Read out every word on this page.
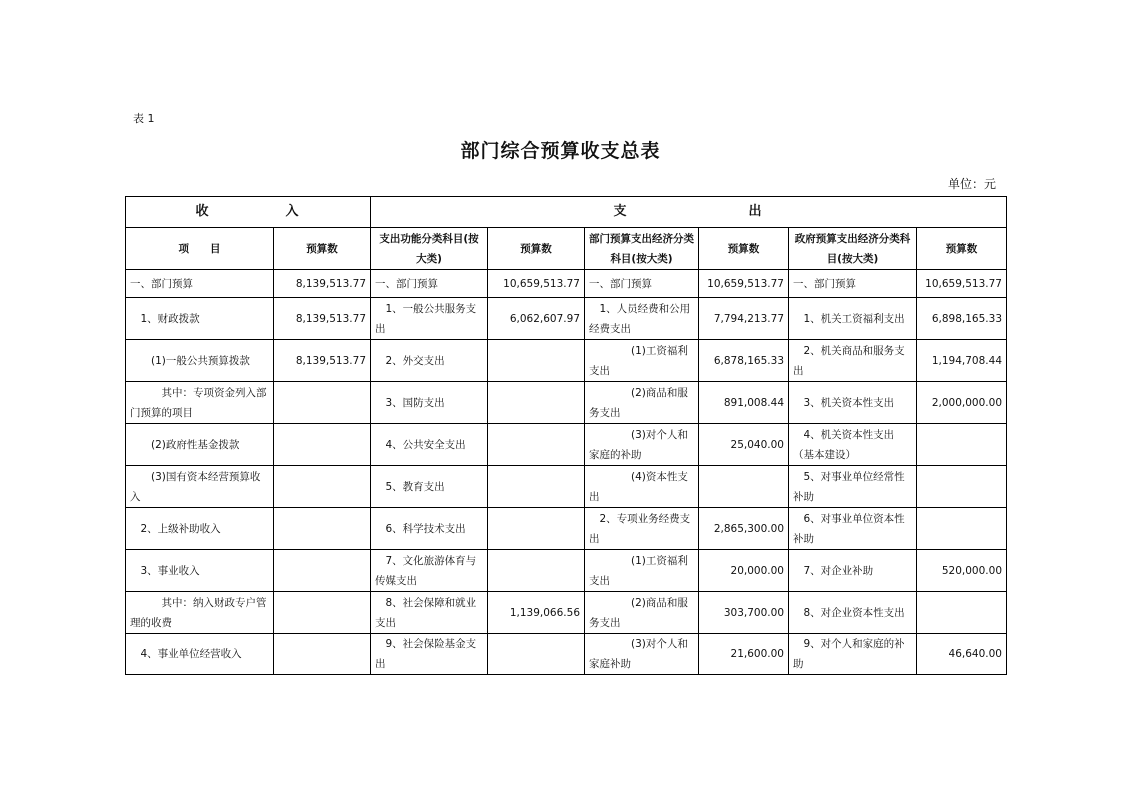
表 1
部门综合预算收支总表
单位：元
收　　　　　入		支　　　　　　　　出					
项　　目	预算数	支出功能分类科目(按大类)	预算数	部门预算支出经济分类科目(按大类)	预算数	政府预算支出经济分类科目(按大类)	预算数
一、部门预算	8,139,513.77	一、部门预算	10,659,513.77	一、部门预算	10,659,513.77	一、部门预算	10,659,513.77
　1、财政拨款	8,139,513.77	　1、一般公共服务支出	6,062,607.97	　1、人员经费和公用经费支出	7,794,213.77	　1、机关工资福利支出	6,898,165.33
　　(1)一般公共预算拨款	8,139,513.77	　2、外交支出		　　　　(1)工资福利支出	6,878,165.33	　2、机关商品和服务支出	1,194,708.44
　　　其中：专项资金列入部门预算的项目		　3、国防支出		　　　　(2)商品和服务支出	891,008.44	　3、机关资本性支出	2,000,000.00
　　(2)政府性基金拨款		　4、公共安全支出		　　　　(3)对个人和家庭的补助	25,040.00	　4、机关资本性支出（基本建设）	
　　(3)国有资本经营预算收入		　5、教育支出		　　　　(4)资本性支出		　5、对事业单位经常性补助	
　2、上级补助收入		　6、科学技术支出		　2、专项业务经费支出	2,865,300.00	　6、对事业单位资本性补助	
　3、事业收入		　7、文化旅游体育与传媒支出		　　　　(1)工资福利支出	20,000.00	　7、对企业补助	520,000.00
　　　其中：纳入财政专户管理的收费		　8、社会保障和就业支出	1,139,066.56	　　　　(2)商品和服务支出	303,700.00	　8、对企业资本性支出	
　4、事业单位经营收入		　9、社会保险基金支出		　　　　(3)对个人和家庭补助	21,600.00	　9、对个人和家庭的补助	46,640.00
